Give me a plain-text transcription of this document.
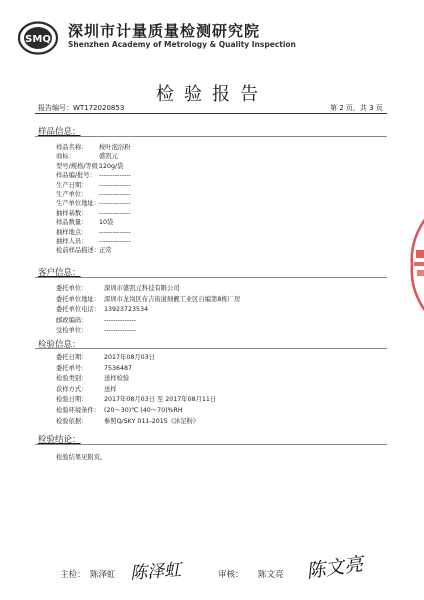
SMQ 深圳市计量质量检测研究院
Shenzhen Academy of Metrology & Quality Inspection
检验报告
报告编号：WT172020853	第 2 页，共 3 页
样品信息：
样品名称： 桉叶泡浴粉
商标：	盛凯元
型号/规格/等级：120g/袋
样品编/批号： --------------
生产日期： --------------
生产单位： --------------
生产单位地址：--------------
抽样基数： --------------
样品数量： 10袋
抽样地点： --------------
抽样人员： --------------
检前样品描述：正常
客户信息：
委托单位：	深圳市盛凯元科技有限公司
委托单位地址： 深圳市龙岗区布吉街道细靓工业区自编第8栋厂房
委托单位电话： 13923723534
邮政编码：	--------------
受检单位：	--------------
检验信息：
委托日期：	2017年08月03日
委托单号：	7536487
检验类别：	送样检验
获样方式：	送样
检验日期：	2017年08月03日 至 2017年08月11日
检验环境条件： (20～30)℃ (40～70)%RH
检验依据：	参照Q/SKY 011-2015《沐足粉》
检验结论：
检验结果见附页。
主检： 陈泽虹 陈泽虹	审核： 陈文亮 陈文亮
